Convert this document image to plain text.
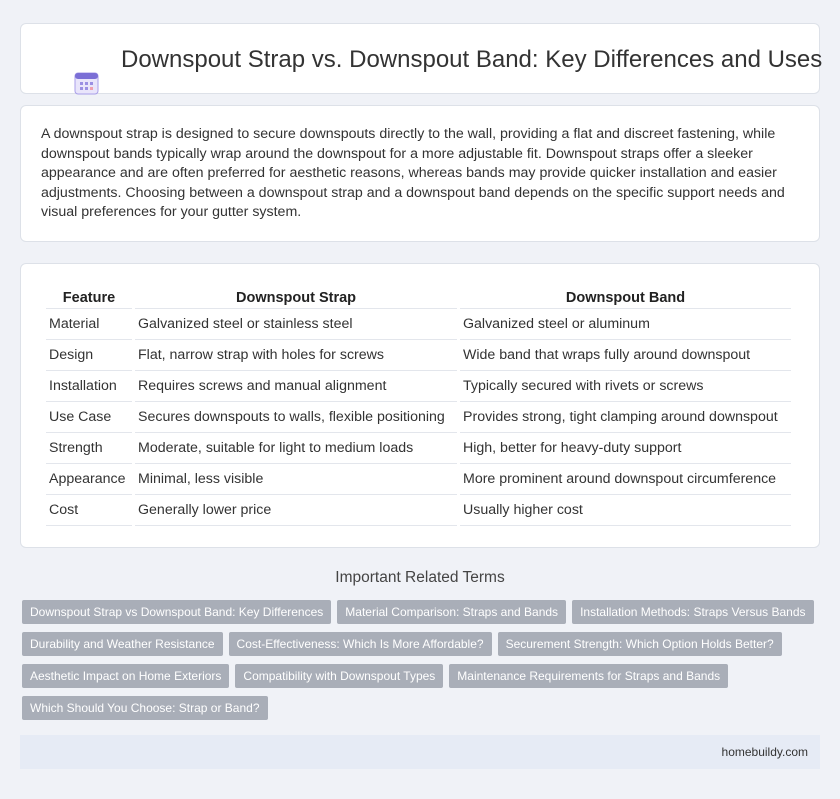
Downspout Strap vs. Downspout Band: Key Differences and Uses

A downspout strap is designed to secure downspouts directly to the wall, providing a flat and discreet fastening, while downspout bands typically wrap around the downspout for a more adjustable fit. Downspout straps offer a sleeker appearance and are often preferred for aesthetic reasons, whereas bands may provide quicker installation and easier adjustments. Choosing between a downspout strap and a downspout band depends on the specific support needs and visual preferences for your gutter system.

Feature	Downspout Strap	Downspout Band
Material	Galvanized steel or stainless steel	Galvanized steel or aluminum
Design	Flat, narrow strap with holes for screws	Wide band that wraps fully around downspout
Installation	Requires screws and manual alignment	Typically secured with rivets or screws
Use Case	Secures downspouts to walls, flexible positioning	Provides strong, tight clamping around downspout
Strength	Moderate, suitable for light to medium loads	High, better for heavy-duty support
Appearance	Minimal, less visible	More prominent around downspout circumference
Cost	Generally lower price	Usually higher cost
Important Related Terms
Downspout Strap vs Downspout Band: Key Differences	Material Comparison: Straps and Bands	Installation Methods: Straps Versus Bands
Durability and Weather Resistance	Cost-Effectiveness: Which Is More Affordable?	Securement Strength: Which Option Holds Better?
Aesthetic Impact on Home Exteriors	Compatibility with Downspout Types	Maintenance Requirements for Straps and Bands
Which Should You Choose: Strap or Band?
homebuildy.com
